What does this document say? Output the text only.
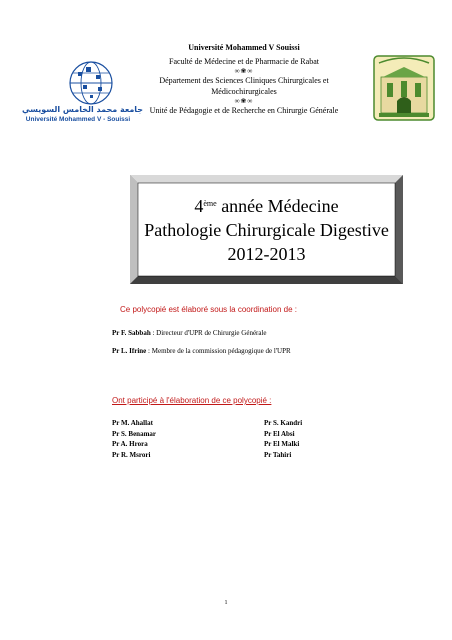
Université Mohammed V Souissi
Faculté de Médecine et de Pharmacie de Rabat
∞❀∞
Département des Sciences Cliniques Chirurgicales et
Médicochirurgicales
∞❀∞
Unité de Pédagogie et de Recherche en Chirurgie Générale
جامعة محمد الخامس السويسي
Université Mohammed V - Souissi
4ème année Médecine
Pathologie Chirurgicale Digestive
2012-2013
Ce polycopié est élaboré sous la coordination de :
Pr F. Sabbah : Directeur d'UPR de Chirurgie Générale
Pr L. Ifrine : Membre de la commission pédagogique de l'UPR
Ont participé à l'élaboration de ce polycopié :
Pr M. Ahallat
Pr S. Benamar
Pr A. Hrora
Pr R. Msrori
Pr S. Kandri
Pr El Absi
Pr El Malki
Pr Tahiri
1
